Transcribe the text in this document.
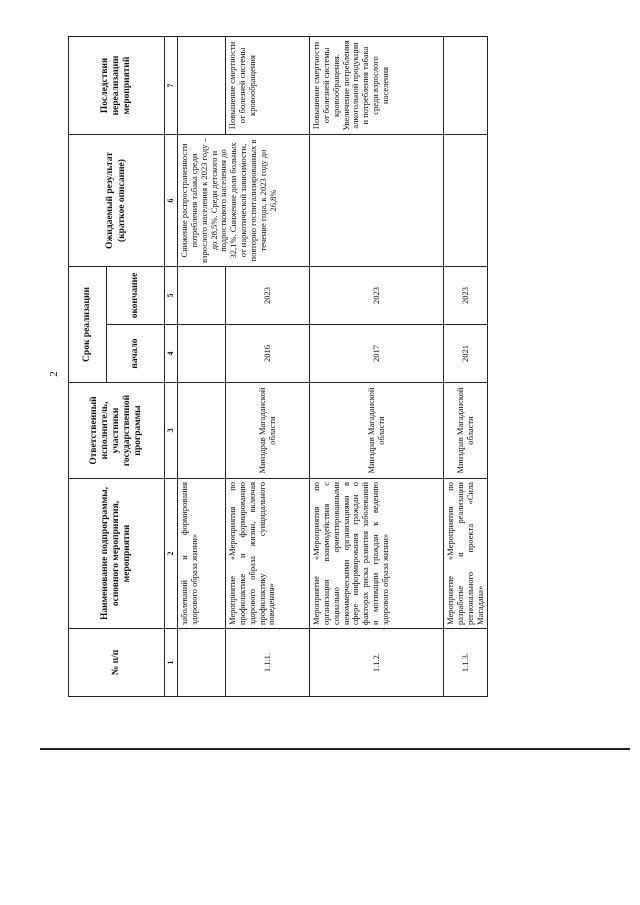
2
№ п/п	Наименование подпрограммы, основного мероприятия, мероприятия	Ответственный исполнитель, участники государственной программы	Срок реализации		Ожидаемый результат (краткое описание)	Последствия нереализации мероприятий
			начало	окончание		
1	2	3	4	5	6	7
	заболеваний и формирования здорового образа жизни»				Снижение распространенности потребления табака среди взрослого населения к 2023 году – до 28,5%. Среди детского и подросткового населения до 32,1%. Снижение доли больных от наркотической зависимости, повторно госпитализированных в течение года, к 2023 году до 26,8%	
1.1.1.	Мероприятие «Мероприятия по профилактике и формированию здорового образа жизни, включая профилактику суицидального поведения»	Минздрав Магаданской области	2016	2023		Повышение смертности от болезней системы кровообращения
1.1.2.	Мероприятие «Мероприятия по организации взаимодействия с социально ориентированными некоммерческими организациями в сфере информирования граждан о факторах риска развития заболеваний и мотивации граждан к ведению здорового образа жизни»	Минздрав Магаданской области	2017	2023		Повышение смертности от болезней системы кровообращения. Увеличение потребления алкогольной продукции и потребления табака среди взрослого населения
1.1.3.	Мероприятие «Мероприятия по разработке и реализации регионального проекта «Сила Магадана»	Минздрав Магаданской области	2021	2023		
